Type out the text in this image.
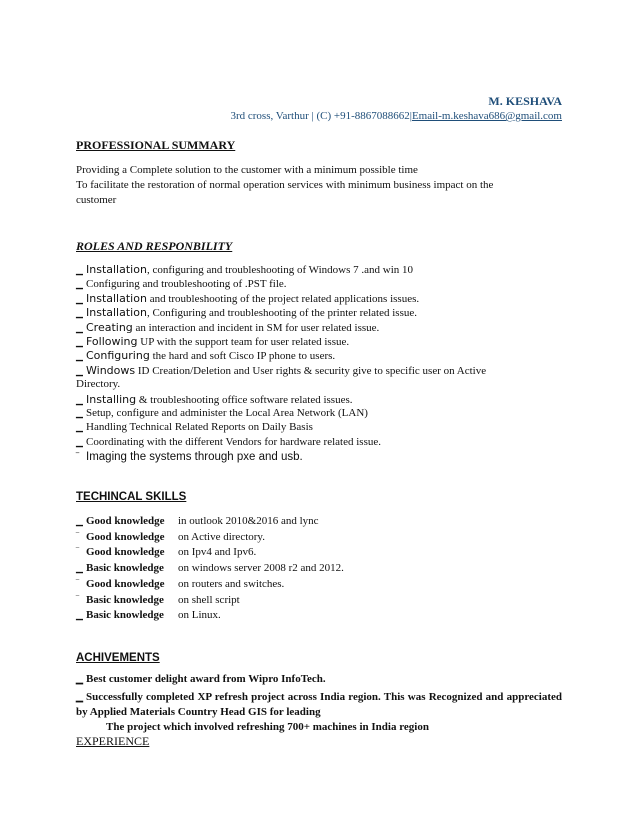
M. KESHAVA
3rd cross, Varthur | (C) +91-8867088662|Email-m.keshava686@gmail.com
PROFESSIONAL SUMMARY
Providing a Complete solution to the customer with a minimum possible time
To facilitate the restoration of normal operation services with minimum business impact on the
customer
ROLES AND RESPONBILITY
▁ Installation, configuring and troubleshooting of Windows 7 .and win 10
▁ Configuring and troubleshooting of .PST file.
▁ Installation and troubleshooting of the project related applications issues.
▁ Installation, Configuring and troubleshooting of the printer related issue.
▁ Creating an interaction and incident in SM for user related issue.
▁ Following UP with the support team for user related issue.
▁ Configuring the hard and soft Cisco IP phone to users.
▁ Windows ID Creation/Deletion and User rights & security give to specific user on Active
Directory.
▁ Installing & troubleshooting office software related issues.
▁ Setup, configure and administer the Local Area Network (LAN)
▁ Handling Technical Related Reports on Daily Basis
▁ Coordinating with the different Vendors for hardware related issue.
‾ Imaging the systems through pxe and usb.
TECHINCAL SKILLS
▁ Good knowledge in outlook 2010&2016 and lync
‾ Good knowledge on Active directory.
‾ Good knowledge on Ipv4 and Ipv6.
▁ Basic knowledge on windows server 2008 r2 and 2012.
‾ Good knowledge on routers and switches.
‾ Basic knowledge on shell script
▁ Basic knowledge on Linux.
ACHIVEMENTS
▁ Best customer delight award from Wipro InfoTech.
▁ Successfully completed XP refresh project across India region. This was Recognized and appreciated by Applied Materials Country Head GIS for leading
The project which involved refreshing 700+ machines in India region
EXPERIENCE
